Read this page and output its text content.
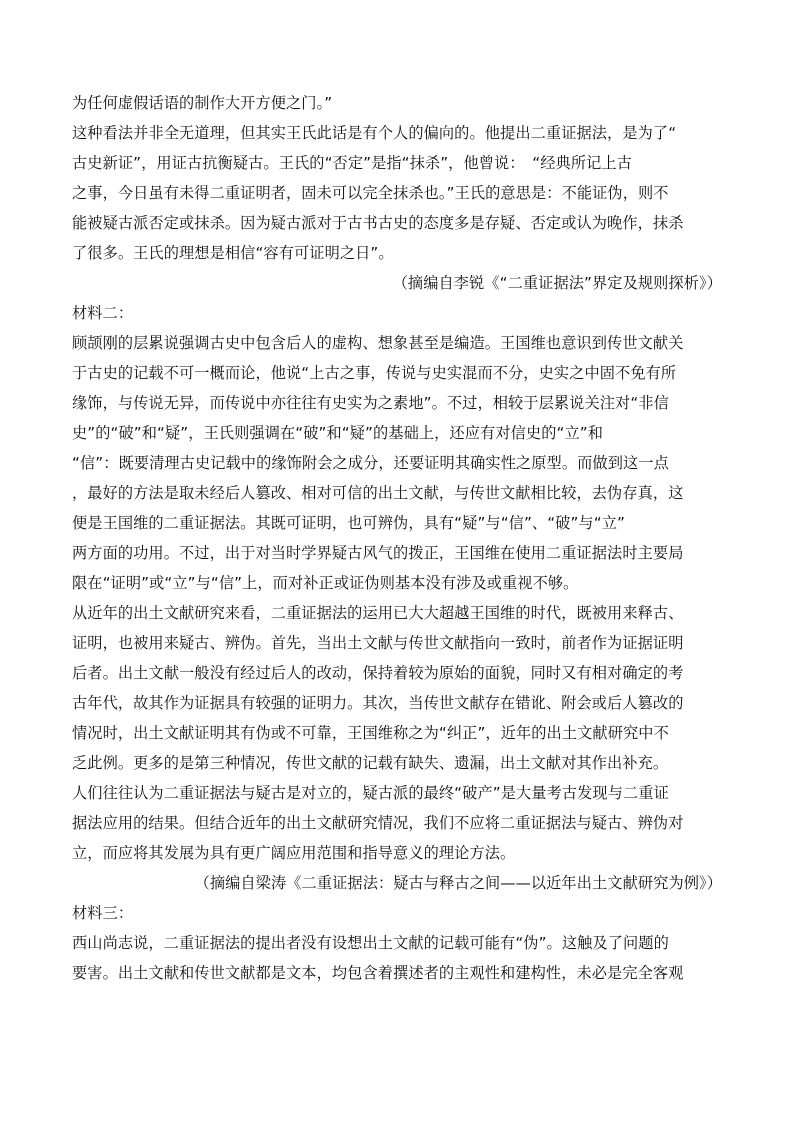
为任何虚假话语的制作大开方便之门。”
这种看法并非全无道理，但其实王氏此话是有个人的偏向的。他提出二重证据法，是为了“
古史新证”，用证古抗衡疑古。王氏的“否定”是指“抹杀”，他曾说：　“经典所记上古
之事，今日虽有未得二重证明者，固未可以完全抹杀也。”王氏的意思是：不能证伪，则不
能被疑古派否定或抹杀。因为疑古派对于古书古史的态度多是存疑、否定或认为晚作，抹杀
了很多。王氏的理想是相信“容有可证明之日”。
（摘编自李锐《“二重证据法”界定及规则探析》）
材料二：
顾颉刚的层累说强调古史中包含后人的虚构、想象甚至是编造。王国维也意识到传世文献关
于古史的记载不可一概而论，他说“上古之事，传说与史实混而不分，史实之中固不免有所
缘饰，与传说无异，而传说中亦往往有史实为之素地”。不过，相较于层累说关注对“非信
史”的“破”和“疑”，王氏则强调在“破”和“疑”的基础上，还应有对信史的“立”和
“信”：既要清理古史记载中的缘饰附会之成分，还要证明其确实性之原型。而做到这一点
，最好的方法是取未经后人篡改、相对可信的出土文献，与传世文献相比较，去伪存真，这
便是王国维的二重证据法。其既可证明，也可辨伪，具有“疑”与“信”、“破”与“立”
两方面的功用。不过，出于对当时学界疑古风气的拨正，王国维在使用二重证据法时主要局
限在“证明”或“立”与“信”上，而对补正或证伪则基本没有涉及或重视不够。
从近年的出土文献研究来看，二重证据法的运用已大大超越王国维的时代，既被用来释古、
证明，也被用来疑古、辨伪。首先，当出土文献与传世文献指向一致时，前者作为证据证明
后者。出土文献一般没有经过后人的改动，保持着较为原始的面貌，同时又有相对确定的考
古年代，故其作为证据具有较强的证明力。其次，当传世文献存在错讹、附会或后人篡改的
情况时，出土文献证明其有伪或不可靠，王国维称之为“纠正”，近年的出土文献研究中不
乏此例。更多的是第三种情况，传世文献的记载有缺失、遗漏，出土文献对其作出补充。
人们往往认为二重证据法与疑古是对立的，疑古派的最终“破产”是大量考古发现与二重证
据法应用的结果。但结合近年的出土文献研究情况，我们不应将二重证据法与疑古、辨伪对
立，而应将其发展为具有更广阔应用范围和指导意义的理论方法。
（摘编自梁涛《二重证据法：疑古与释古之间——以近年出土文献研究为例》）
材料三：
西山尚志说，二重证据法的提出者没有设想出土文献的记载可能有“伪”。这触及了问题的
要害。出土文献和传世文献都是文本，均包含着撰述者的主观性和建构性，未必是完全客观
